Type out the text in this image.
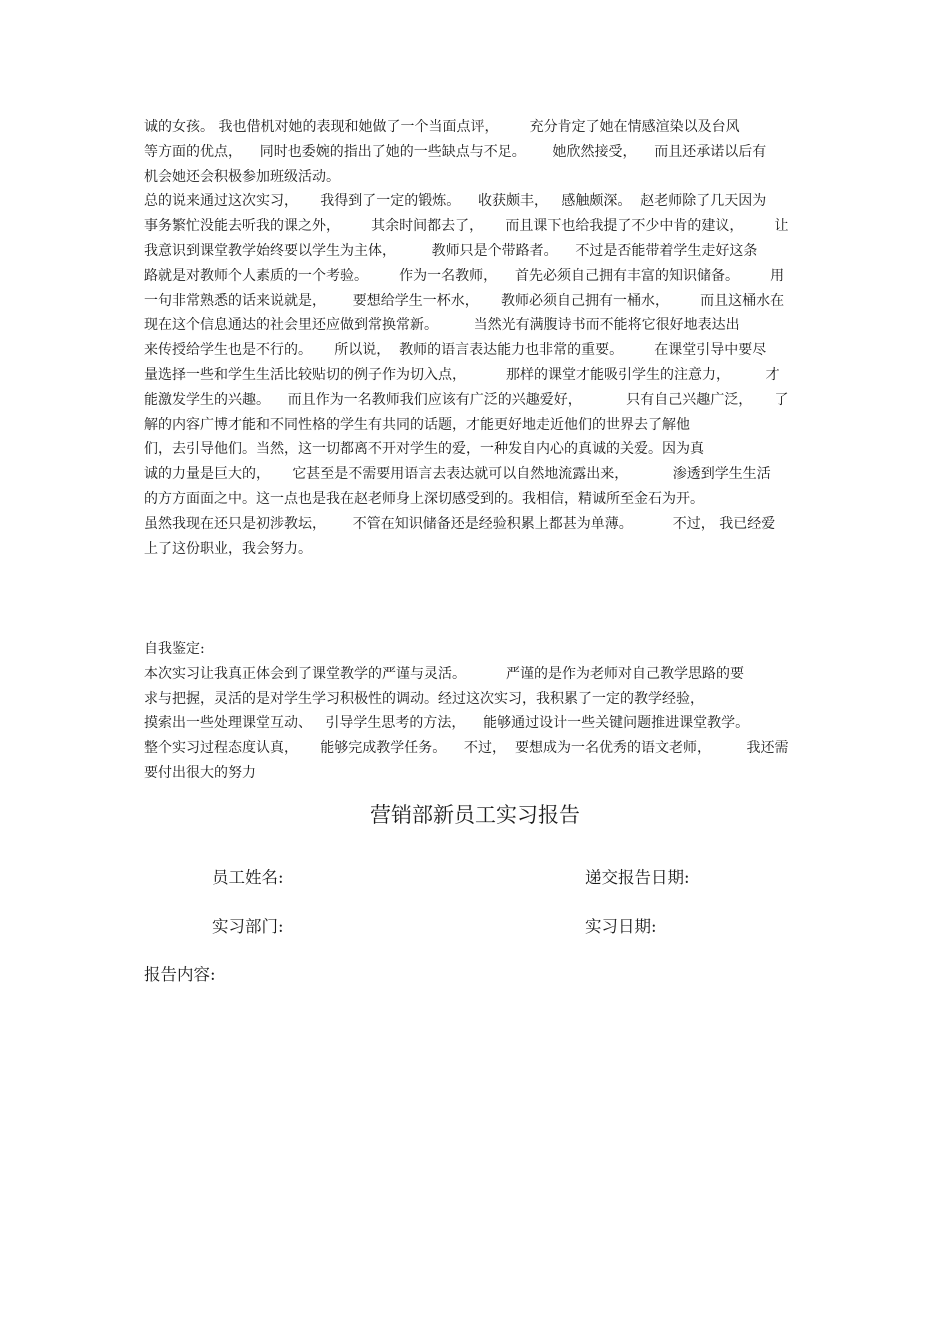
诚的女孩。 我也借机对她的表现和她做了一个当面点评，       充分肯定了她在情感渲染以及台风
等方面的优点，    同时也委婉的指出了她的一些缺点与不足。      她欣然接受，    而且还承诺以后有
机会她还会积极参加班级活动。
总的说来通过这次实习，     我得到了一定的锻炼。    收获颇丰，   感触颇深。  赵老师除了几天因为
事务繁忙没能去听我的课之外，       其余时间都去了，     而且课下也给我提了不少中肯的建议，       让
我意识到课堂教学始终要以学生为主体，        教师只是个带路者。    不过是否能带着学生走好这条
路就是对教师个人素质的一个考验。       作为一名教师，    首先必须自己拥有丰富的知识储备。       用
一句非常熟悉的话来说就是，      要想给学生一杯水，     教师必须自己拥有一桶水，       而且这桶水在
现在这个信息通达的社会里还应做到常换常新。        当然光有满腹诗书而不能将它很好地表达出
来传授给学生也是不行的。     所以说，  教师的语言表达能力也非常的重要。       在课堂引导中要尽
量选择一些和学生生活比较贴切的例子作为切入点，         那样的课堂才能吸引学生的注意力，        才
能激发学生的兴趣。    而且作为一名教师我们应该有广泛的兴趣爱好，          只有自己兴趣广泛，     了
解的内容广博才能和不同性格的学生有共同的话题，才能更好地走近他们的世界去了解他
们，去引导他们。当然，这一切都离不开对学生的爱，一种发自内心的真诚的关爱。因为真
诚的力量是巨大的，     它甚至是不需要用语言去表达就可以自然地流露出来，          渗透到学生生活
的方方面面之中。这一点也是我在赵老师身上深切感受到的。我相信，精诚所至金石为开。
虽然我现在还只是初涉教坛，      不管在知识储备还是经验积累上都甚为单薄。         不过， 我已经爱
上了这份职业，我会努力。
自我鉴定:
本次实习让我真正体会到了课堂教学的严谨与灵活。         严谨的是作为老师对自己教学思路的要
求与把握，灵活的是对学生学习积极性的调动。经过这次实习，我积累了一定的教学经验，
摸索出一些处理课堂互动、   引导学生思考的方法，    能够通过设计一些关键问题推进课堂教学。
整个实习过程态度认真，     能够完成教学任务。    不过，  要想成为一名优秀的语文老师，        我还需
要付出很大的努力
营销部新员工实习报告
员工姓名:	递交报告日期:
实习部门:	实习日期:
报告内容:
